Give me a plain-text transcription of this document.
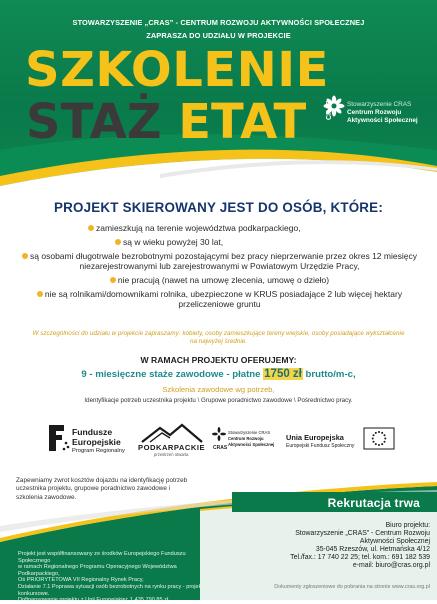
STOWARZYSZENIE „CRAS” - CENTRUM ROZWOJU AKTYWNOŚCI SPOŁECZNEJ
ZAPRASZA DO UDZIAŁU W PROJEKCIE
SZKOLENIE
STAŻ ETAT	CRAS Stowarzyszenie CRAS
Centrum Rozwoju
Aktywności Społecznej
PROJEKT SKIEROWANY JEST DO OSÓB, KTÓRE:
zamieszkują na terenie województwa podkarpackiego,
są w wieku powyżej 30 lat,
są osobami długotrwale bezrobotnymi pozostającymi bez pracy nieprzerwanie przez okres 12 miesięcy niezarejestrowanymi lub zarejestrowanymi w Powiatowym Urzędzie Pracy,
nie pracują (nawet na umowę zlecenia, umowę o dzieło)
nie są rolnikami/domownikami rolnika, ubezpieczone w KRUS posiadające 2 lub więcej hektary przeliczeniowe gruntu
W szczególności do udziału w projekcie zapraszamy: kobiety, osoby zamieszkujące tereny wiejskie, osoby posiadające wykształcenie na najwyżej średnie.
W RAMACH PROJEKTU OFERUJEMY:
9 - miesięczne staże zawodowe - płatne 1750 zł brutto/m-c,
Szkolenia zawodowe wg potrzeb,
Identyfikacje potrzeb uczestnika projektu \ Grupowe poradnictwo zawodowe \ Pośrednictwo pracy.
Fundusze
Europejskie
Program Regionalny PODKARPACKIE
przestrzeń otwarta
CRAS
Stowarzyszenie CRAS
Centrum Rozwoju
Aktywności Społecznej
Unia Europejska
Europejski Fundusz Społeczny
Zapewniamy zwrot kosztów dojazdu na identyfikację potrzeb uczestnika projektu, grupowe poradnictwo zawodowe i szkolenia zawodowe.	Rekrutacja trwa
Biuro projektu:
Stowarzyszenie „CRAS” - Centrum Rozwoju
Aktywności Społecznej
35-045 Rzeszów, ul. Hetmańska 4/12
Tel./fax.: 17 740 22 25; tel. kom.: 691 182 539
e-mail: biuro@cras.org.pl
Projekt jest współfinansowany ze środków Europejskiego Funduszu Społecznego
w ramach Regionalnego Programu Operacyjnego Województwa Podkarpackiego,
Oś PRIORYTETOWA VII Regionalny Rynek Pracy,
Działanie 7.1 Poprawa sytuacji osób bezrobotnych na rynku pracy - projekty konkursowe.
Dofinansowanie projektu z Unii Europejskiej: 1 435 790,85 zł
Dokumenty zgłoszeniowe do pobrania na stronie www.cras.org.pl
